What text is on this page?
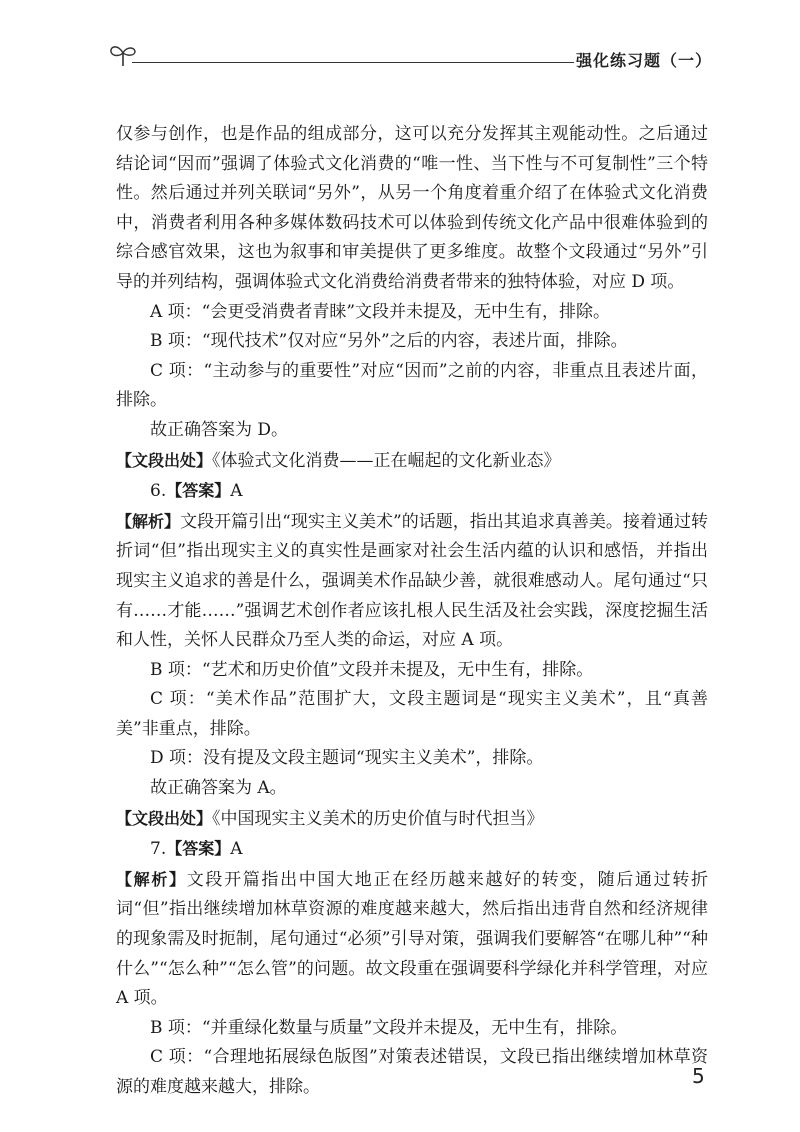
强化练习题（一）

仅参与创作，也是作品的组成部分，这可以充分发挥其主观能动性。之后通过结论词“因而”强调了体验式文化消费的“唯一性、当下性与不可复制性”三个特性。然后通过并列关联词“另外”，从另一个角度着重介绍了在体验式文化消费中，消费者利用各种多媒体数码技术可以体验到传统文化产品中很难体验到的综合感官效果，这也为叙事和审美提供了更多维度。故整个文段通过“另外”引导的并列结构，强调体验式文化消费给消费者带来的独特体验，对应 D 项。

A 项：“会更受消费者青睐”文段并未提及，无中生有，排除。

B 项：“现代技术”仅对应“另外”之后的内容，表述片面，排除。

C 项：“主动参与的重要性”对应“因而”之前的内容，非重点且表述片面，排除。

故正确答案为 D。

【文段出处】《体验式文化消费——正在崛起的文化新业态》

6.【答案】A

【解析】文段开篇引出“现实主义美术”的话题，指出其追求真善美。接着通过转折词“但”指出现实主义的真实性是画家对社会生活内蕴的认识和感悟，并指出现实主义追求的善是什么，强调美术作品缺少善，就很难感动人。尾句通过“只有……才能……”强调艺术创作者应该扎根人民生活及社会实践，深度挖掘生活和人性，关怀人民群众乃至人类的命运，对应 A 项。

B 项：“艺术和历史价值”文段并未提及，无中生有，排除。

C 项：“美术作品”范围扩大，文段主题词是“现实主义美术”，且“真善美”非重点，排除。

D 项：没有提及文段主题词“现实主义美术”，排除。

故正确答案为 A。

【文段出处】《中国现实主义美术的历史价值与时代担当》

7.【答案】A

【解析】文段开篇指出中国大地正在经历越来越好的转变，随后通过转折词“但”指出继续增加林草资源的难度越来越大，然后指出违背自然和经济规律的现象需及时扼制，尾句通过“必须”引导对策，强调我们要解答“在哪儿种”“种什么”“怎么种”“怎么管”的问题。故文段重在强调要科学绿化并科学管理，对应 A 项。

B 项：“并重绿化数量与质量”文段并未提及，无中生有，排除。

C 项：“合理地拓展绿色版图”对策表述错误，文段已指出继续增加林草资源的难度越来越大，排除。	5
